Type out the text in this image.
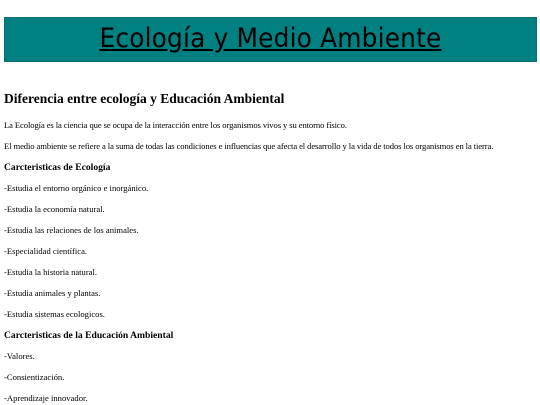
Ecología y Medio Ambiente
Diferencia entre ecología y Educación Ambiental

La Ecología es la ciencia que se ocupa de la interacción entre los organismos vivos y su entorno físico.

El medio ambiente se refiere a la suma de todas las condiciones e influencias que afecta el desarrollo y la vida de todos los organismos en la tierra.

Carcteristicas de Ecología
-Estudia el entorno orgánico e inorgánico.
-Estudia la economía natural.
-Estudia las relaciones de los animales.
-Especialidad científica.
-Estudia la historia natural.
-Estudia animales y plantas.
-Estudia sistemas ecologicos.
Carcteristicas de la Educación Ambiental
-Valores.
-Consientización.
-Aprendizaje innovador.
